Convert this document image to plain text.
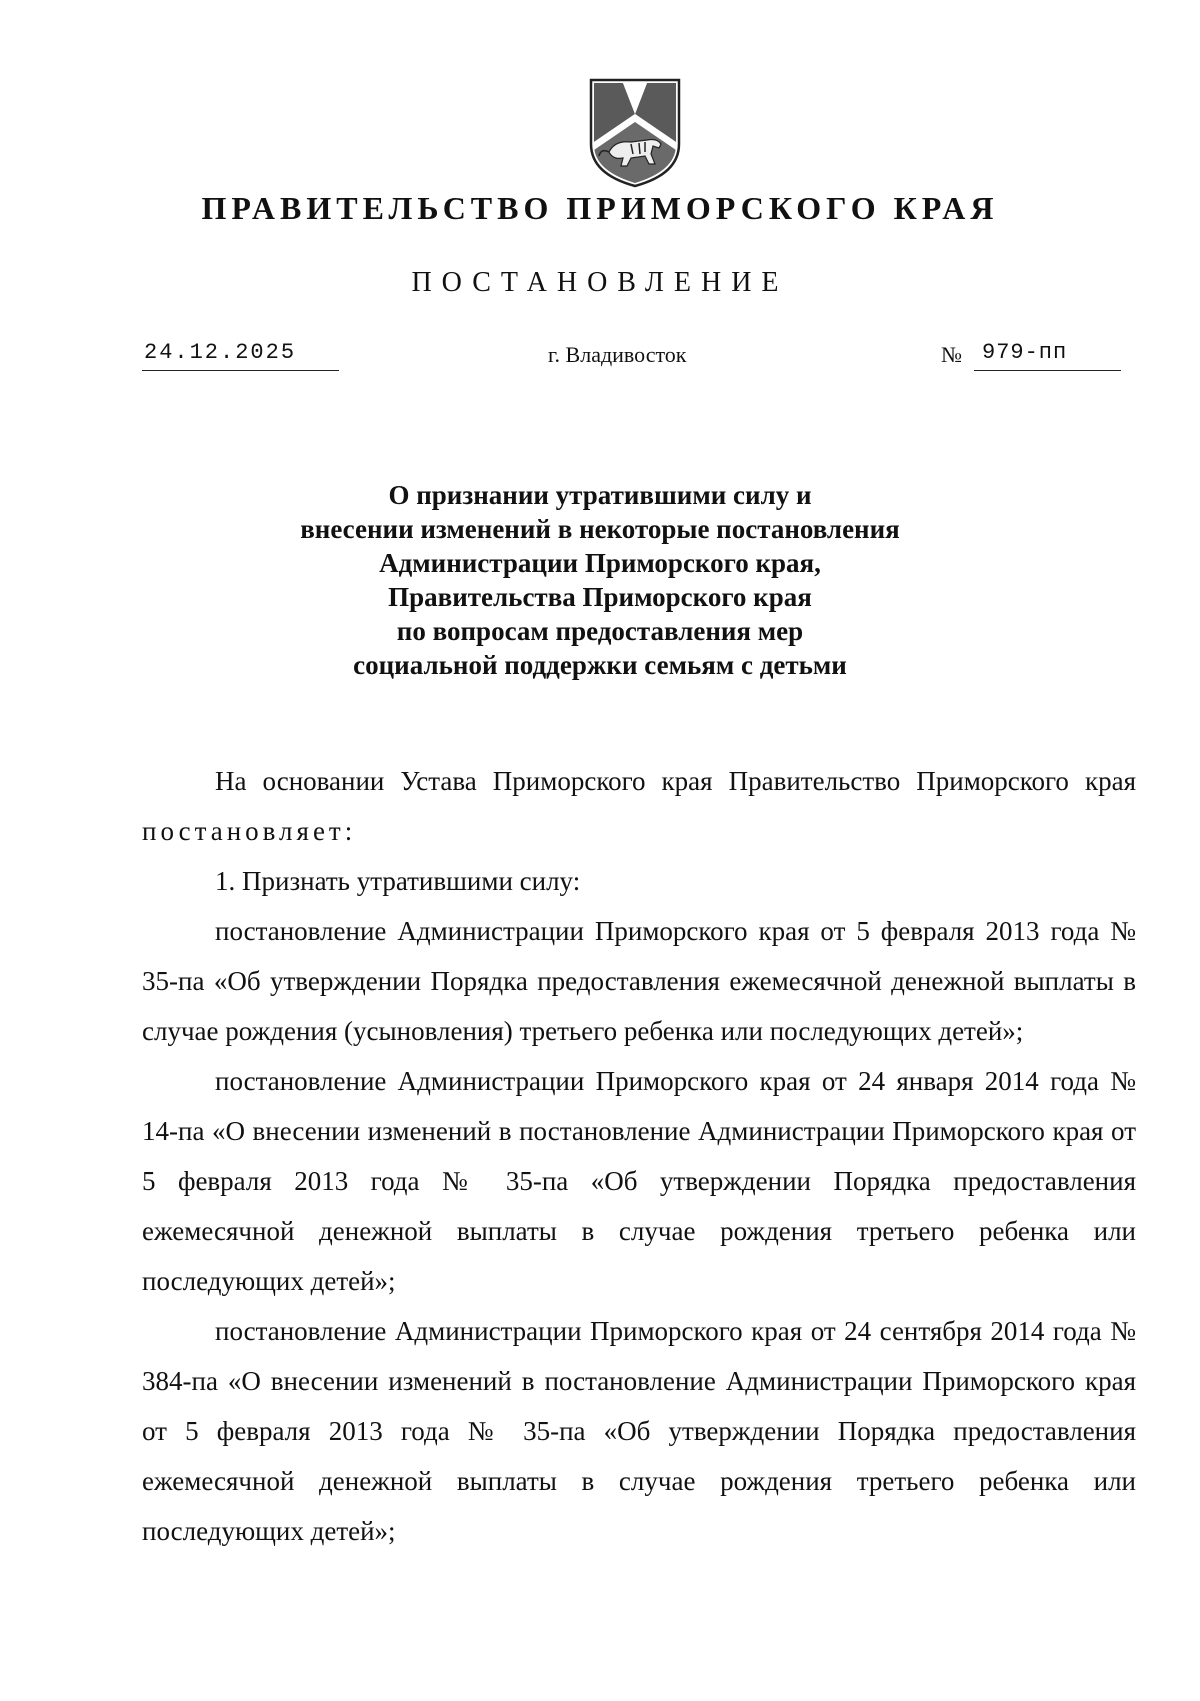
ПРАВИТЕЛЬСТВО ПРИМОРСКОГО КРАЯ
ПОСТАНОВЛЕНИЕ
24.12.2025	г. Владивосток	№ 979-пп
О признании утратившими силу и
внесении изменений в некоторые постановления
Администрации Приморского края,
Правительства Приморского края
по вопросам предоставления мер
социальной поддержки семьям с детьми

На основании Устава Приморского края Правительство Приморского края постановляет:

1. Признать утратившими силу:

постановление Администрации Приморского края от 5 февраля 2013 года № 35-па «Об утверждении Порядка предоставления ежемесячной денежной выплаты в случае рождения (усыновления) третьего ребенка или последующих детей»;

постановление Администрации Приморского края от 24 января 2014 года № 14-па «О внесении изменений в постановление Администрации Приморского края от 5 февраля 2013 года № 35-па «Об утверждении Порядка предоставления ежемесячной денежной выплаты в случае рождения третьего ребенка или последующих детей»;

постановление Администрации Приморского края от 24 сентября 2014 года № 384-па «О внесении изменений в постановление Администрации Приморского края от 5 февраля 2013 года № 35-па «Об утверждении Порядка предоставления ежемесячной денежной выплаты в случае рождения третьего ребенка или последующих детей»;
